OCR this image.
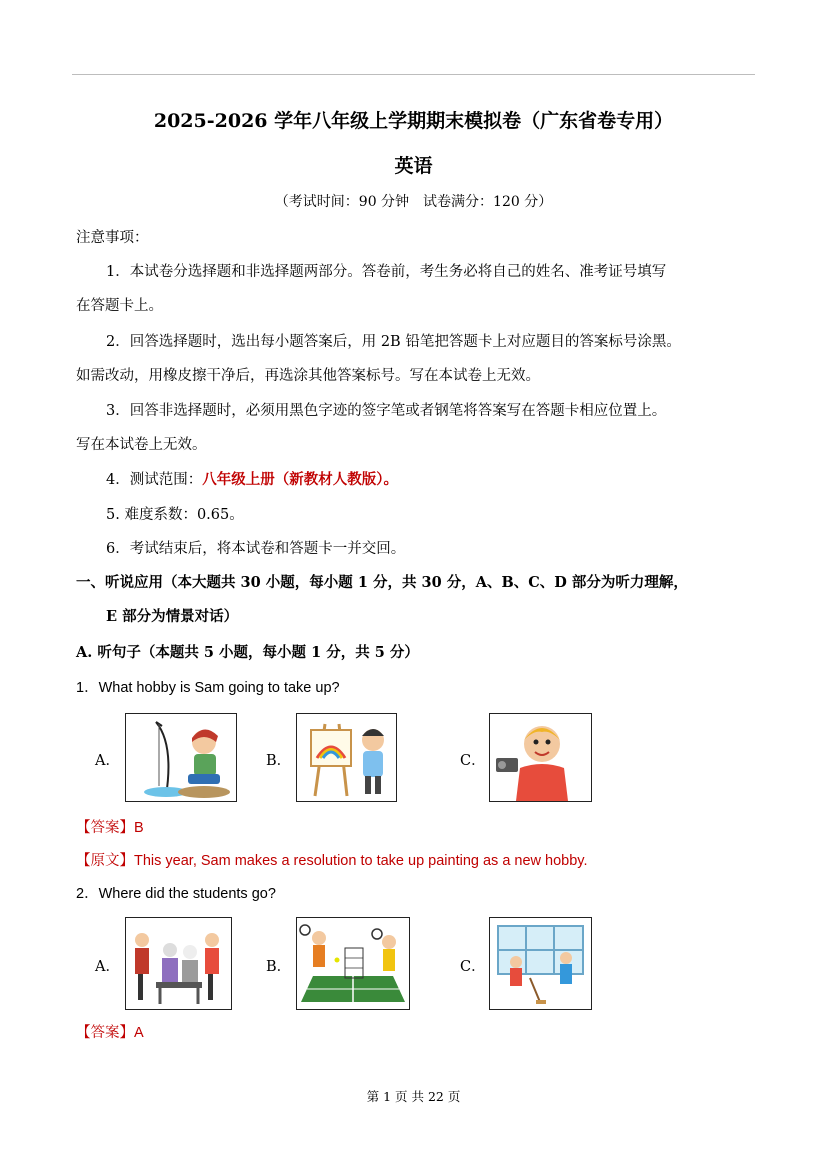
2025-2026 学年八年级上学期期末模拟卷（广东省卷专用）
英语
（考试时间：90 分钟　试卷满分：120 分）
注意事项：
1．本试卷分选择题和非选择题两部分。答卷前，考生务必将自己的姓名、准考证号填写
在答题卡上。
2．回答选择题时，选出每小题答案后，用 2B 铅笔把答题卡上对应题目的答案标号涂黑。
如需改动，用橡皮擦干净后，再选涂其他答案标号。写在本试卷上无效。
3．回答非选择题时，必须用黑色字迹的签字笔或者钢笔将答案写在答题卡相应位置上。
写在本试卷上无效。
4．测试范围：八年级上册（新教材人教版）。
5. 难度系数：0.65。
6．考试结束后，将本试卷和答题卡一并交回。
一、听说应用（本大题共 30 小题，每小题 1 分，共 30 分，A、B、C、D 部分为听力理解，
E 部分为情景对话）
A. 听句子（本题共 5 小题，每小题 1 分，共 5 分）
1．What hobby is Sam going to take up?
A．	B．	C．
【答案】B
【原文】This year, Sam makes a resolution to take up painting as a new hobby.
2．Where did the students go?
A．	B．	C．
【答案】A
第 1 页 共 22 页
